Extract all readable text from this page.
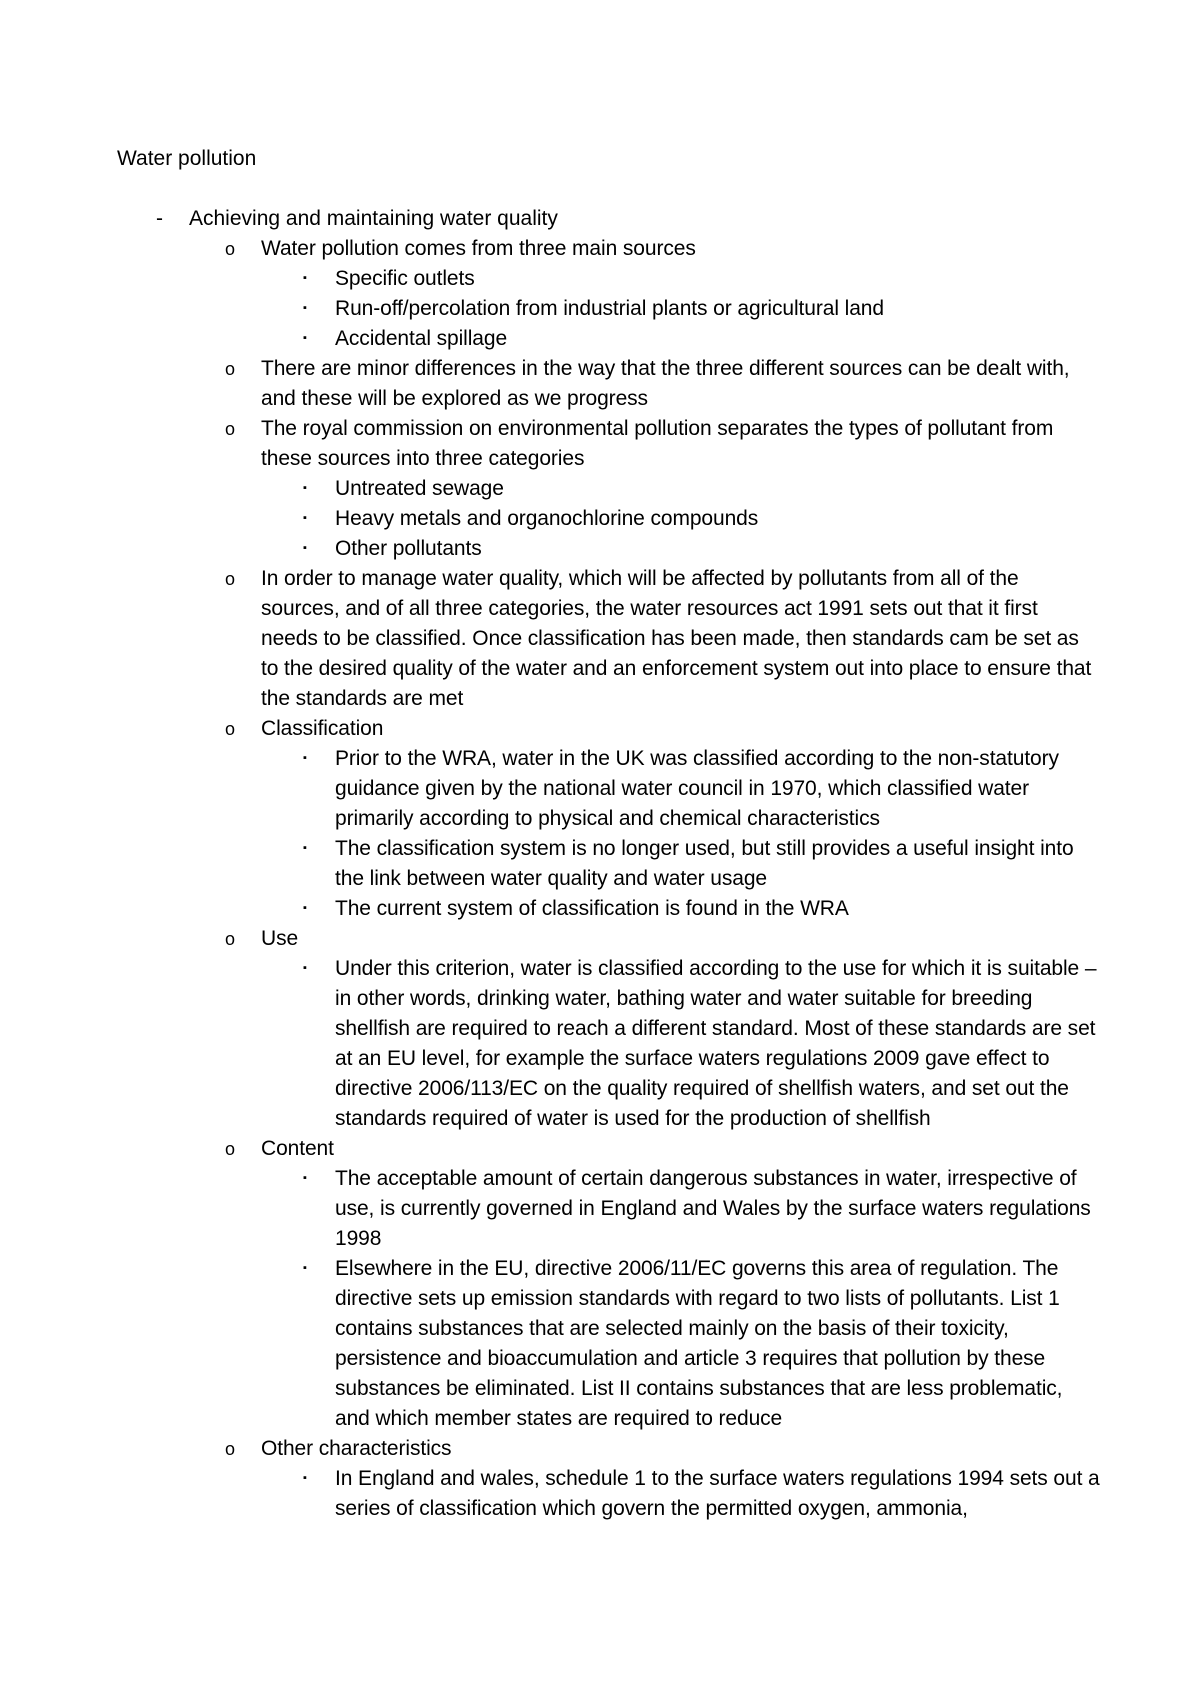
Water pollution
- Achieving and maintaining water quality
o Water pollution comes from three main sources
▪ Specific outlets
▪ Run-off/percolation from industrial plants or agricultural land
▪ Accidental spillage
o There are minor differences in the way that the three different sources can be dealt with, and these will be explored as we progress
o The royal commission on environmental pollution separates the types of pollutant from these sources into three categories
▪ Untreated sewage
▪ Heavy metals and organochlorine compounds
▪ Other pollutants
o In order to manage water quality, which will be affected by pollutants from all of the sources, and of all three categories, the water resources act 1991 sets out that it first needs to be classified. Once classification has been made, then standards cam be set as to the desired quality of the water and an enforcement system out into place to ensure that the standards are met
o Classification
▪ Prior to the WRA, water in the UK was classified according to the non-statutory guidance given by the national water council in 1970, which classified water primarily according to physical and chemical characteristics
▪ The classification system is no longer used, but still provides a useful insight into the link between water quality and water usage
▪ The current system of classification is found in the WRA
o Use
▪ Under this criterion, water is classified according to the use for which it is suitable – in other words, drinking water, bathing water and water suitable for breeding shellfish are required to reach a different standard. Most of these standards are set at an EU level, for example the surface waters regulations 2009 gave effect to directive 2006/113/EC on the quality required of shellfish waters, and set out the standards required of water is used for the production of shellfish
o Content
▪ The acceptable amount of certain dangerous substances in water, irrespective of use, is currently governed in England and Wales by the surface waters regulations 1998
▪ Elsewhere in the EU, directive 2006/11/EC governs this area of regulation. The directive sets up emission standards with regard to two lists of pollutants. List 1 contains substances that are selected mainly on the basis of their toxicity, persistence and bioaccumulation and article 3 requires that pollution by these substances be eliminated. List II contains substances that are less problematic, and which member states are required to reduce
o Other characteristics
▪ In England and wales, schedule 1 to the surface waters regulations 1994 sets out a series of classification which govern the permitted oxygen, ammonia,
